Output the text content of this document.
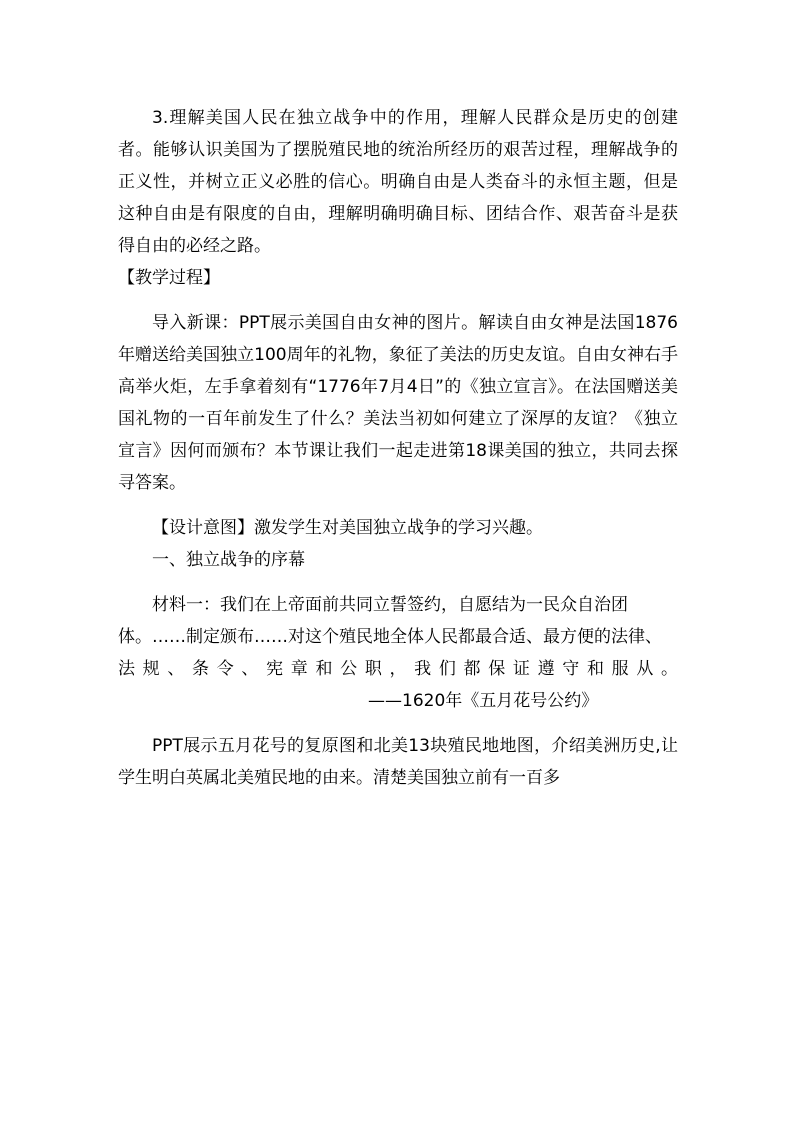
3.理解美国人民在独立战争中的作用，理解人民群众是历史的创建者。能够认识美国为了摆脱殖民地的统治所经历的艰苦过程，理解战争的正义性，并树立正义必胜的信心。明确自由是人类奋斗的永恒主题，但是这种自由是有限度的自由，理解明确明确目标、团结合作、艰苦奋斗是获得自由的必经之路。

【教学过程】

导入新课：PPT展示美国自由女神的图片。解读自由女神是法国1876年赠送给美国独立100周年的礼物，象征了美法的历史友谊。自由女神右手高举火炬，左手拿着刻有“1776年7月4日”的《独立宣言》。在法国赠送美国礼物的一百年前发生了什么？美法当初如何建立了深厚的友谊？《独立宣言》因何而颁布？本节课让我们一起走进第18课美国的独立，共同去探寻答案。

【设计意图】激发学生对美国独立战争的学习兴趣。

一、独立战争的序幕

材料一：我们在上帝面前共同立誓签约，自愿结为一民众自治团

体。……制定颁布……对这个殖民地全体人民都最合适、最方便的法律、

法规、条令、宪章和公职，我们都保证遵守和服从。

——1620年《五月花号公约》

PPT展示五月花号的复原图和北美13块殖民地地图，介绍美洲历史,让学生明白英属北美殖民地的由来。清楚美国独立前有一百多
